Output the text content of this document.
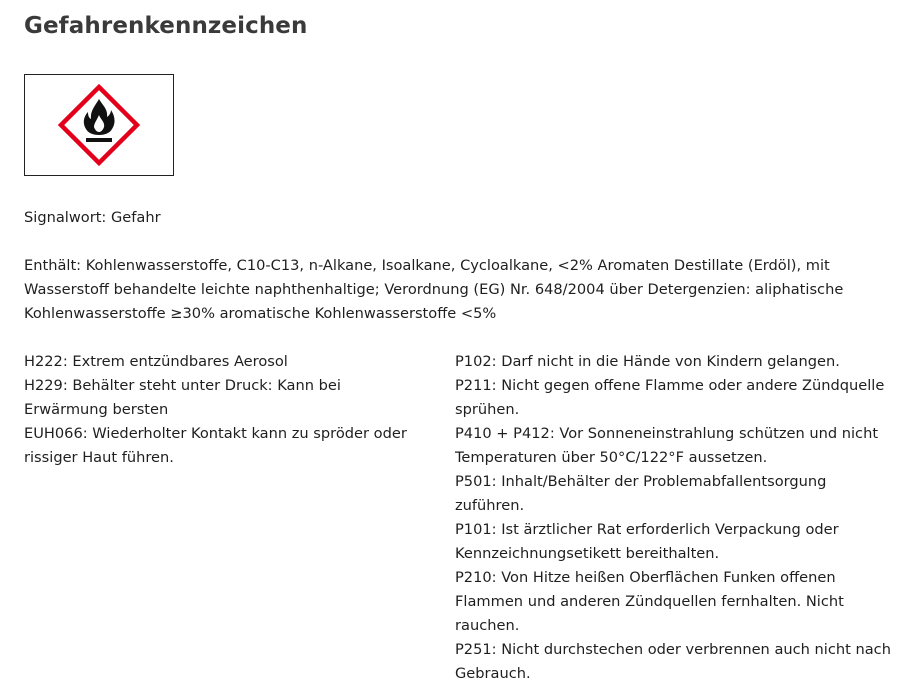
Gefahrenkennzeichen
Signalwort: Gefahr
Enthält: Kohlenwasserstoffe, C10-C13, n-Alkane, Isoalkane, Cycloalkane, <2% Aromaten Destillate (Erdöl), mit Wasserstoff behandelte leichte naphthenhaltige; Verordnung (EG) Nr. 648/2004 über Detergenzien: aliphatische Kohlenwasserstoffe ≥30% aromatische Kohlenwasserstoffe <5%
H222: Extrem entzündbares Aerosol
H229: Behälter steht unter Druck: Kann bei Erwärmung bersten
EUH066: Wiederholter Kontakt kann zu spröder oder rissiger Haut führen.
P102: Darf nicht in die Hände von Kindern gelangen.
P211: Nicht gegen offene Flamme oder andere Zündquelle sprühen.
P410 + P412: Vor Sonneneinstrahlung schützen und nicht Temperaturen über 50°C/122°F aussetzen.
P501: Inhalt/Behälter der Problemabfallentsorgung zuführen.
P101: Ist ärztlicher Rat erforderlich Verpackung oder Kennzeichnungsetikett bereithalten.
P210: Von Hitze heißen Oberflächen Funken offenen Flammen und anderen Zündquellen fernhalten. Nicht rauchen.
P251: Nicht durchstechen oder verbrennen auch nicht nach Gebrauch.
